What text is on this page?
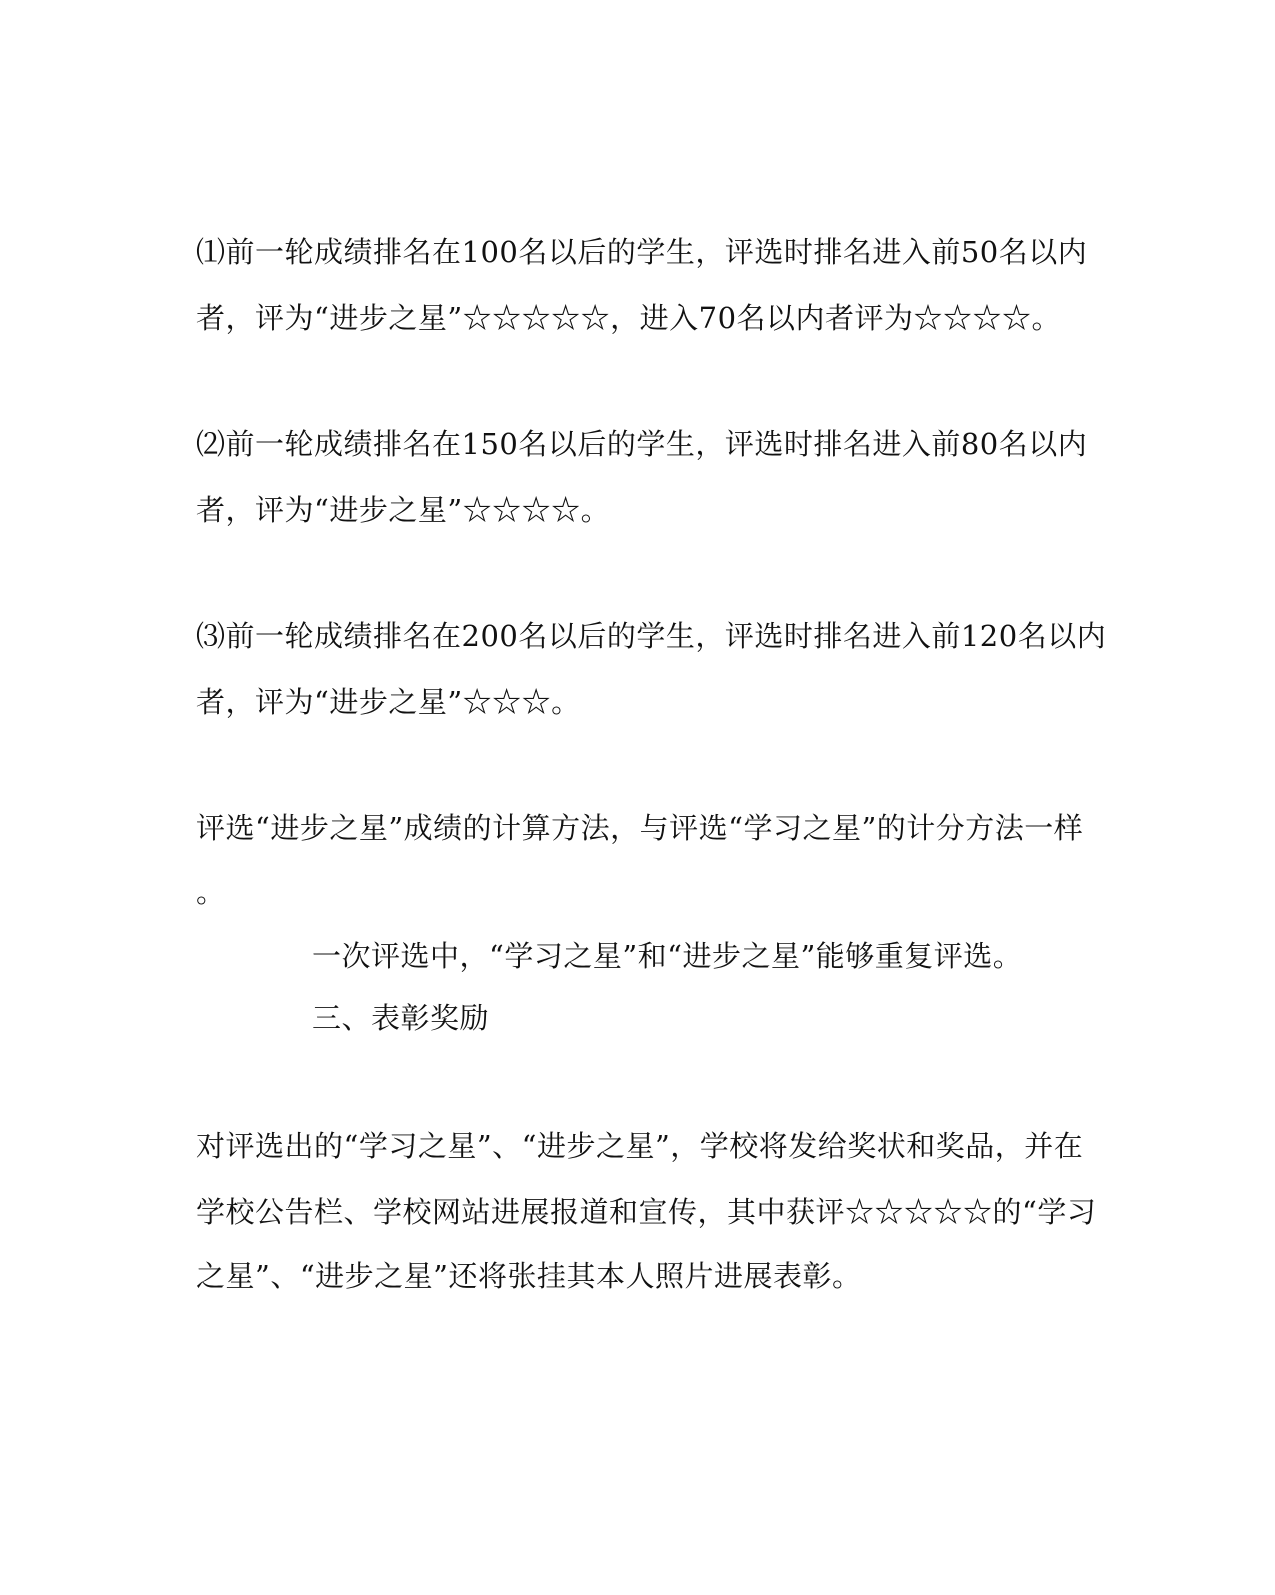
⑴前一轮成绩排名在100名以后的学生，评选时排名进入前50名以内
者，评为“进步之星”☆☆☆☆☆，进入70名以内者评为☆☆☆☆。
⑵前一轮成绩排名在150名以后的学生，评选时排名进入前80名以内
者，评为“进步之星”☆☆☆☆。
⑶前一轮成绩排名在200名以后的学生，评选时排名进入前120名以内
者，评为“进步之星”☆☆☆。
评选“进步之星”成绩的计算方法，与评选“学习之星”的计分方法一样
。
一次评选中，“学习之星”和“进步之星”能够重复评选。
三、表彰奖励
对评选出的“学习之星”、“进步之星”，学校将发给奖状和奖品，并在
学校公告栏、学校网站进展报道和宣传，其中获评☆☆☆☆☆的“学习
之星”、“进步之星”还将张挂其本人照片进展表彰。
